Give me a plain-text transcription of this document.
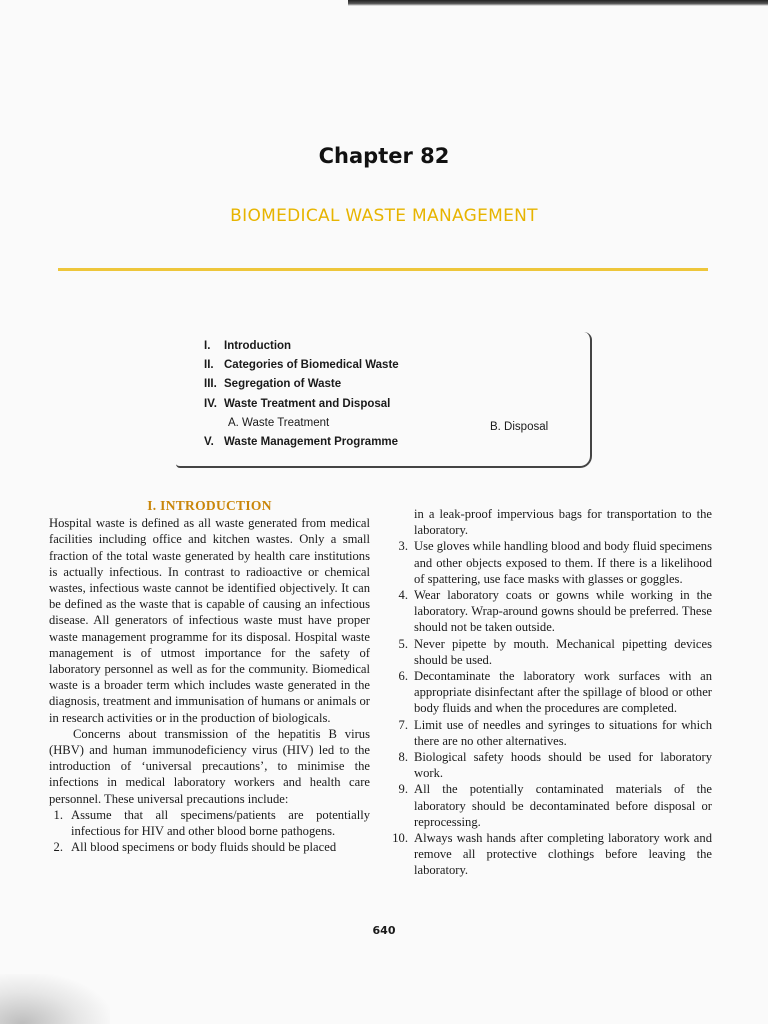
Chapter 82
BIOMEDICAL WASTE MANAGEMENT
I. Introduction
II. Categories of Biomedical Waste
III. Segregation of Waste
IV. Waste Treatment and Disposal
A. Waste Treatment	B. Disposal
V. Waste Management Programme
I. INTRODUCTION

Hospital waste is defined as all waste generated from medical facilities including office and kitchen wastes. Only a small fraction of the total waste generated by health care institutions is actually infectious. In contrast to radioactive or chemical wastes, infectious waste cannot be identified objectively. It can be defined as the waste that is capable of causing an infectious disease. All generators of infectious waste must have proper waste management programme for its disposal. Hospital waste management is of utmost importance for the safety of laboratory personnel as well as for the community. Biomedical waste is a broader term which includes waste generated in the diagnosis, treatment and immunisation of humans or animals or in research activities or in the production of biologicals.

Concerns about transmission of the hepatitis B virus (HBV) and human immunodeficiency virus (HIV) led to the introduction of ‘universal precautions’, to minimise the infections in medical laboratory workers and health care personnel. These universal precautions include:

1. Assume that all specimens/patients are potentially infectious for HIV and other blood borne pathogens.
2. All blood specimens or body fluids should be placed
in a leak-proof impervious bags for transportation to the laboratory.
3. Use gloves while handling blood and body fluid specimens and other objects exposed to them. If there is a likelihood of spattering, use face masks with glasses or goggles.
4. Wear laboratory coats or gowns while working in the laboratory. Wrap-around gowns should be preferred. These should not be taken outside.
5. Never pipette by mouth. Mechanical pipetting devices should be used.
6. Decontaminate the laboratory work surfaces with an appropriate disinfectant after the spillage of blood or other body fluids and when the procedures are completed.
7. Limit use of needles and syringes to situations for which there are no other alternatives.
8. Biological safety hoods should be used for laboratory work.
9. All the potentially contaminated materials of the laboratory should be decontaminated before disposal or reprocessing.
10. Always wash hands after completing laboratory work and remove all protective clothings before leaving the laboratory.
640
